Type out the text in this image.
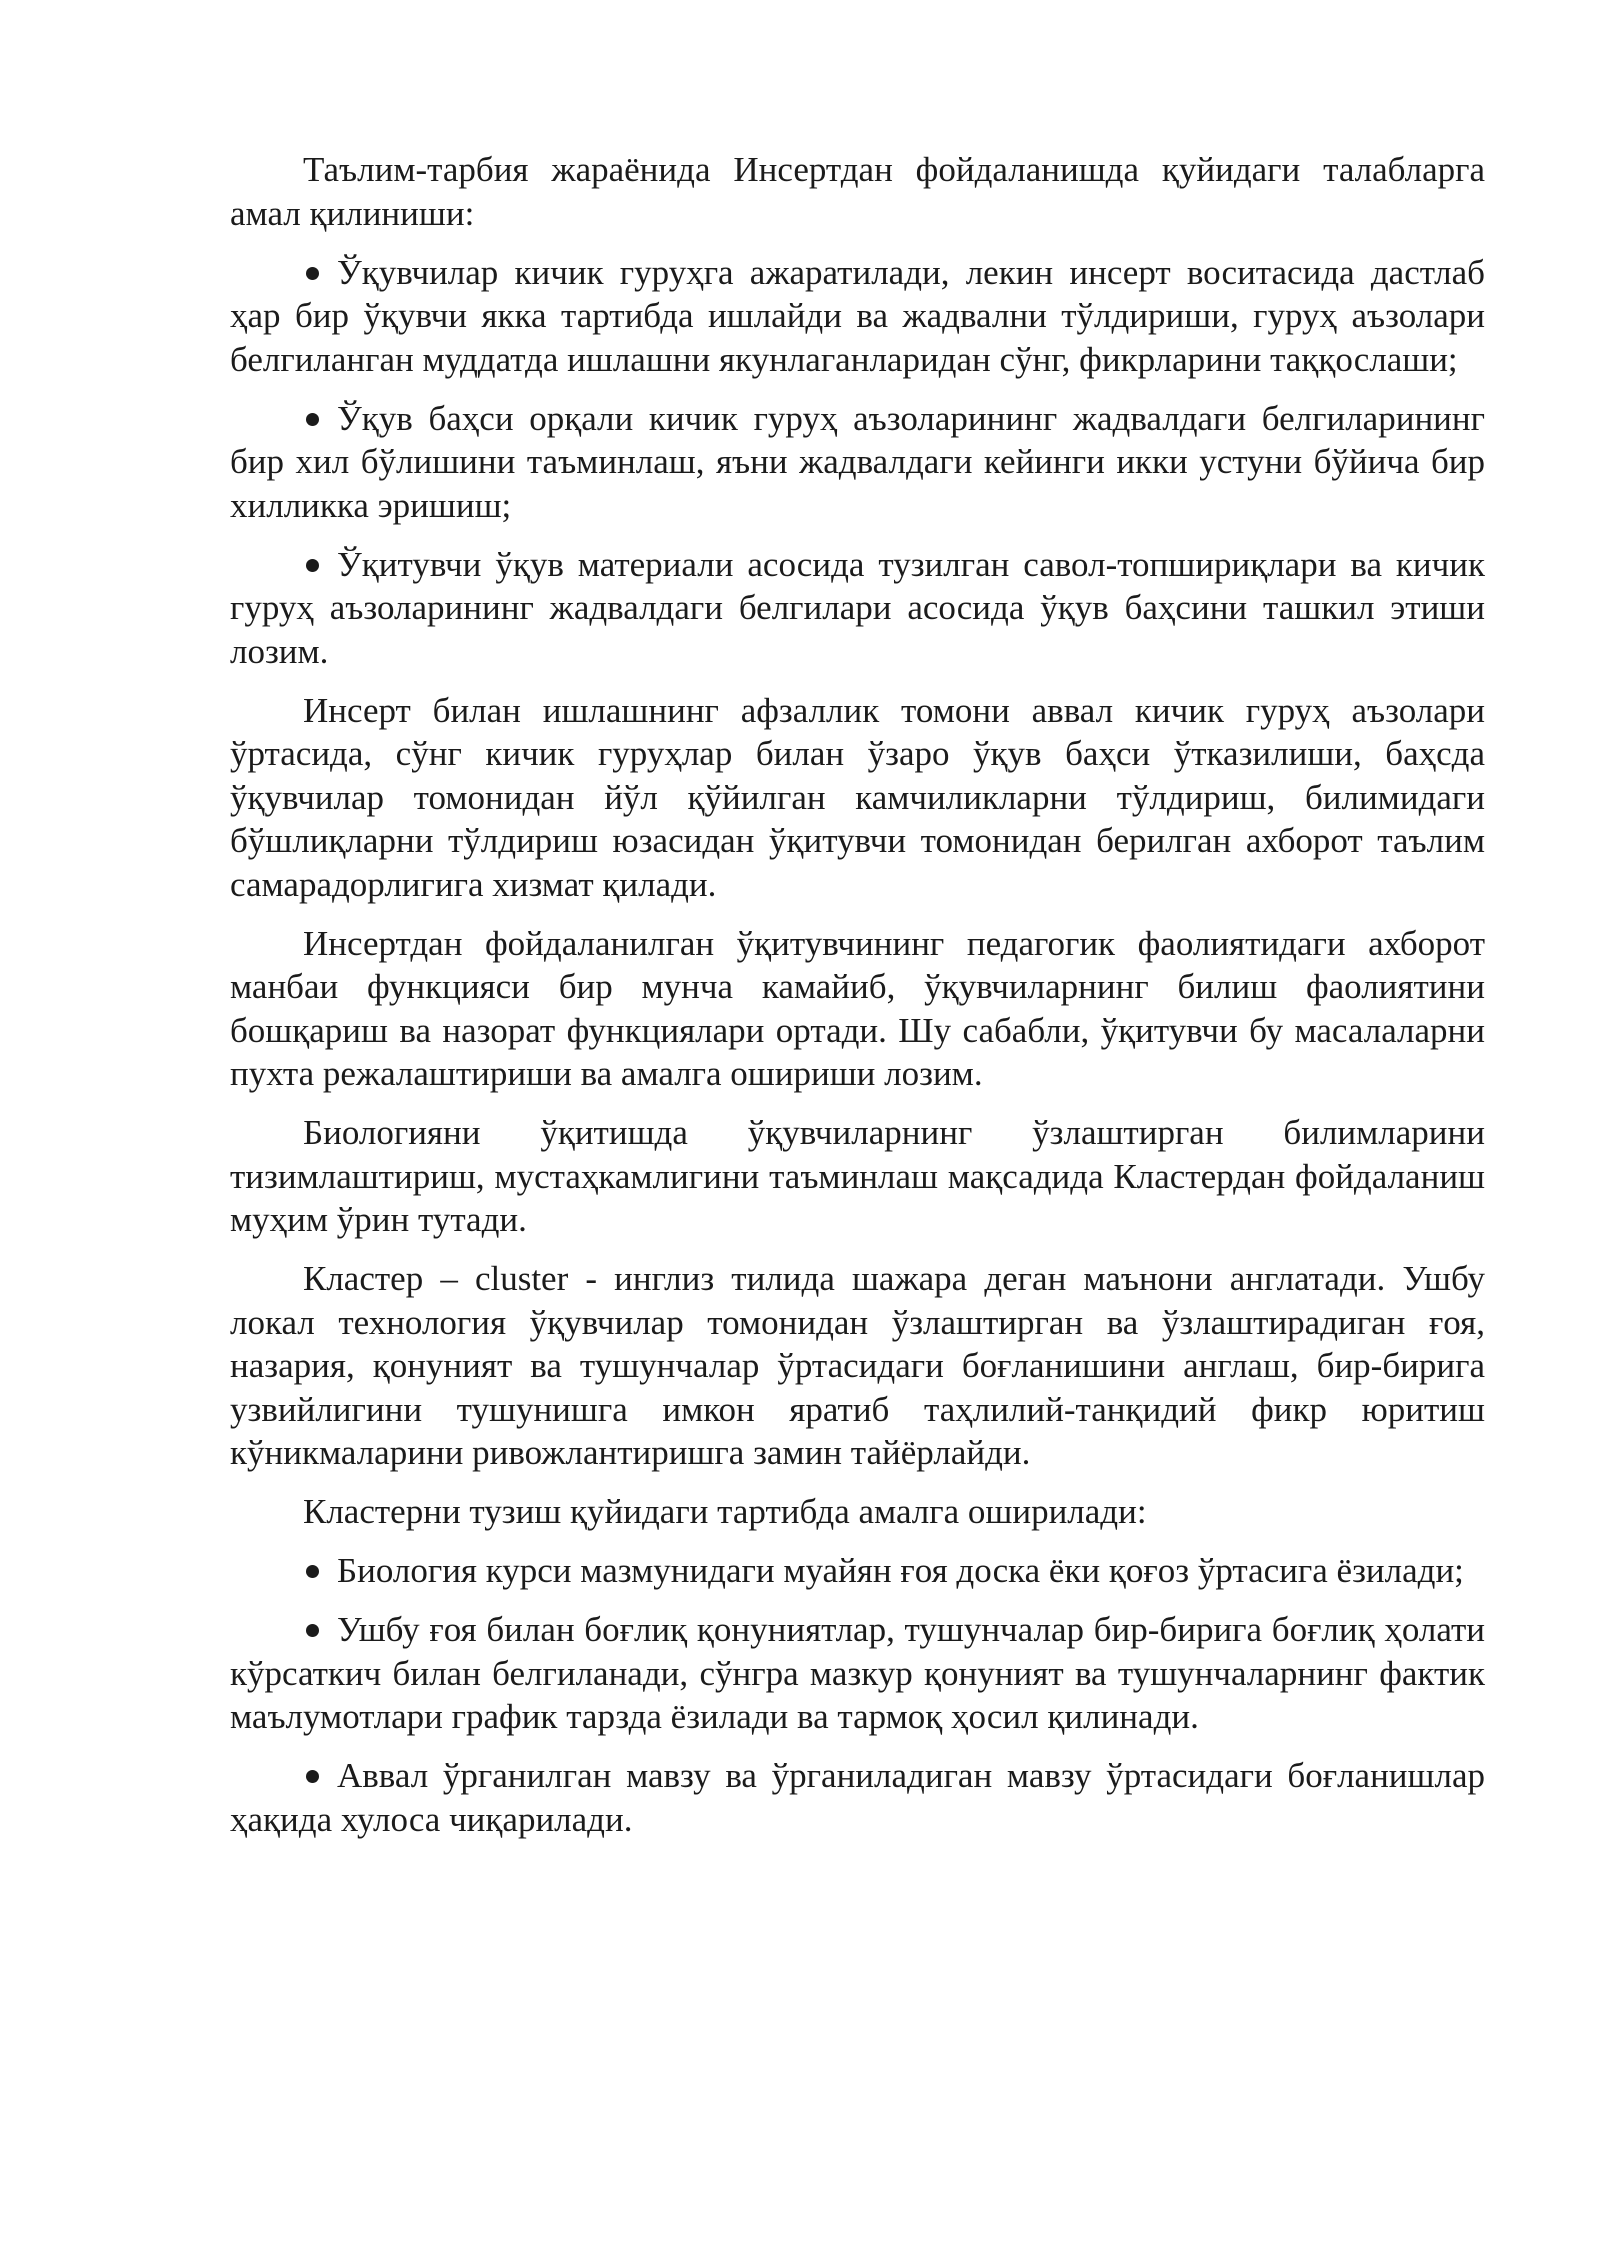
Таълим-тарбия жараёнида Инсертдан фойдаланишда қуйидаги талабларга амал қилиниши:

Ўқувчилар кичик гуруҳга ажаратилади, лекин инсерт воситасида дастлаб ҳар бир ўқувчи якка тартибда ишлайди ва жадвални тўлдириши, гуруҳ аъзолари белгиланган муддатда ишлашни якунлаганларидан сўнг, фикрларини таққослаши;

Ўқув баҳси орқали кичик гуруҳ аъзоларининг жадвалдаги белгиларининг бир хил бўлишини таъминлаш, яъни жадвалдаги кейинги икки устуни бўйича бир хилликка эришиш;

Ўқитувчи ўқув материали асосида тузилган савол-топшириқлари ва кичик гуруҳ аъзоларининг жадвалдаги белгилари асосида ўқув баҳсини ташкил этиши лозим.

Инсерт билан ишлашнинг афзаллик томони аввал кичик гуруҳ аъзолари ўртасида, сўнг кичик гуруҳлар билан ўзаро ўқув баҳси ўтказилиши, баҳсда ўқувчилар томонидан йўл қўйилган камчиликларни тўлдириш, билимидаги бўшлиқларни тўлдириш юзасидан ўқитувчи томонидан берилган ахборот таълим самарадорлигига хизмат қилади.

Инсертдан фойдаланилган ўқитувчининг педагогик фаолиятидаги ахборот манбаи функцияси бир мунча камайиб, ўқувчиларнинг билиш фаолиятини бошқариш ва назорат функциялари ортади. Шу сабабли, ўқитувчи бу масалаларни пухта режалаштириши ва амалга ошириши лозим.

Биологияни ўқитишда ўқувчиларнинг ўзлаштирган билимларини тизимлаштириш, мустаҳкамлигини таъминлаш мақсадида Кластердан фойдаланиш муҳим ўрин тутади.

Кластер – cluster - инглиз тилида шажара деган маънони англатади. Ушбу локал технология ўқувчилар томонидан ўзлаштирган ва ўзлаштирадиган ғоя, назария, қонуният ва тушунчалар ўртасидаги боғланишини англаш, бир-бирига узвийлигини тушунишга имкон яратиб таҳлилий-танқидий фикр юритиш кўникмаларини ривожлантиришга замин тайёрлайди.

Кластерни тузиш қуйидаги тартибда амалга оширилади:

Биология курси мазмунидаги муайян ғоя доска ёки қоғоз ўртасига ёзилади;

Ушбу ғоя билан боғлиқ қонуниятлар, тушунчалар бир-бирига боғлиқ ҳолати кўрсаткич билан белгиланади, сўнгра мазкур қонуният ва тушунчаларнинг фактик маълумотлари график тарзда ёзилади ва тармоқ ҳосил қилинади.

Аввал ўрганилган мавзу ва ўрганиладиган мавзу ўртасидаги боғланишлар ҳақида хулоса чиқарилади.
